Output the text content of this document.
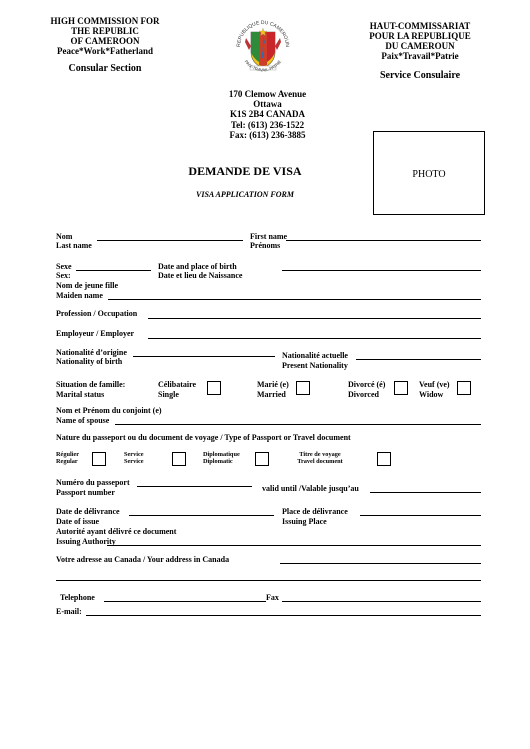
HIGH COMMISSION FOR
THE REPUBLIC
OF CAMEROON
Peace*Work*Fatherland
Consular Section
HAUT-COMMISSARIAT
POUR LA REPUBLIQUE
DU CAMEROUN
Paix*Travail*Patrie
Service Consulaire
REPUBLIQUE DU CAMEROUN
PAIX-TRAVAIL-PATRIE
170 Clemow Avenue
Ottawa
K1S 2B4 CANADA
Tel: (613) 236-1522
Fax: (613) 236-3885
PHOTO
DEMANDE DE VISA
VISA APPLICATION FORM
Nom
Last name
First name
Prénoms
Sexe
Sex:
Date and place of birth
Date et lieu de Naissance
Nom de jeune fille
Maiden name
Profession / Occupation
Employeur / Employer
Nationalité d’origine
Nationality of birth
Nationalité actuelle
Present Nationality
Situation de famille:
Marital status
Célibataire
Single
Marié (e)
Married
Divorcé (é)
Divorced
Veuf (ve)
Widow
Nom et Prénom du conjoint (e)
Name of spouse
Nature du passeport ou du document de voyage / Type of Passport or Travel document
Régulier
Regular
Service
Service
Diplomatique
Diplomatic
Titre de voyage
Travel document
Numéro du passeport
Passport number	valid until /Valable jusqu’au
Date de délivrance
Date of issue
Place de délivrance
Issuing Place
Autorité ayant délivré ce document
Issuing Authority
Votre adresse au Canada / Your address in Canada
Telephone	Fax
E-mail:
